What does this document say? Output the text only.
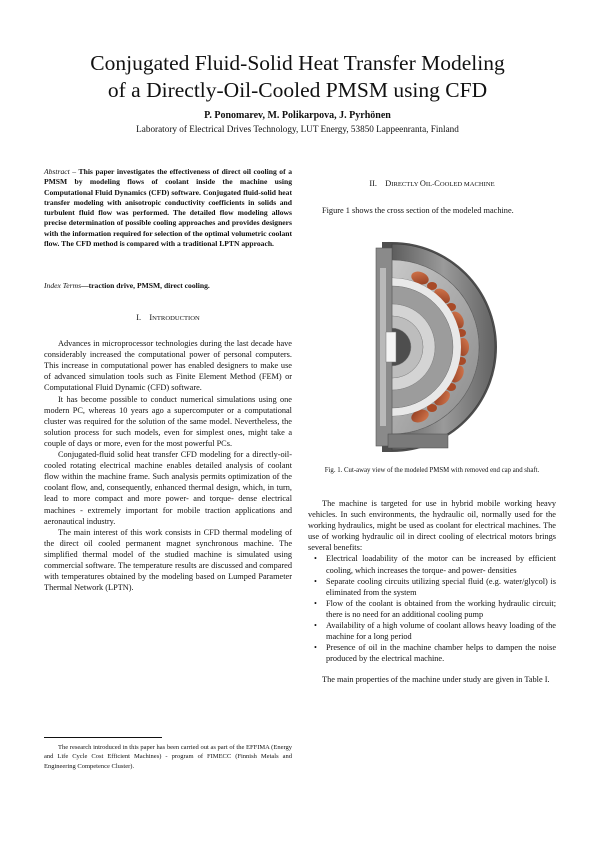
Conjugated Fluid-Solid Heat Transfer Modeling
of a Directly-Oil-Cooled PMSM using CFD
P. Ponomarev, M. Polikarpova, J. Pyrhönen
Laboratory of Electrical Drives Technology, LUT Energy, 53850 Lappeenranta, Finland
Abstract – This paper investigates the effectiveness of direct oil cooling of a PMSM by modeling flows of coolant inside the machine using Computational Fluid Dynamics (CFD) software. Conjugated fluid-solid heat transfer modeling with anisotropic conductivity coefficients in solids and turbulent fluid flow was performed. The detailed flow modeling allows precise determination of possible cooling approaches and provides designers with the information required for selection of the optimal volumetric coolant flow. The CFD method is compared with a traditional LPTN approach.
Index Terms—traction drive, PMSM, direct cooling.
I. INTRODUCTION

Advances in microprocessor technologies during the last decade have considerably increased the computational power of personal computers. This increase in computational power has enabled designers to make use of advanced simulation tools such as Finite Element Method (FEM) or Computational Fluid Dynamic (CFD) software.

It has become possible to conduct numerical simulations using one modern PC, whereas 10 years ago a supercomputer or a computational cluster was required for the solution of the same model. Nevertheless, the solution process for such models, even for simplest ones, might take a couple of days or more, even for the most powerful PCs.

Conjugated-fluid solid heat transfer CFD modeling for a directly-oil-cooled rotating electrical machine enables detailed analysis of coolant flow within the machine frame. Such analysis permits optimization of the coolant flow, and, consequently, enhanced thermal design, which, in turn, lead to more compact and more power- and torque- dense electrical machines - extremely important for mobile traction applications and aeronautical industry.

The main interest of this work consists in CFD thermal modeling of the direct oil cooled permanent magnet synchronous machine. The simplified thermal model of the studied machine is simulated using commercial software. The temperature results are discussed and compared with temperatures obtained by the modeling based on Lumped Parameter Thermal Network (LPTN).

The research introduced in this paper has been carried out as part of the EFFIMA (Energy and Life Cycle Cost Efficient Machines) - program of FIMECC (Finnish Metals and Engineering Competence Cluster).
II. DIRECTLY OIL-COOLED MACHINE

Figure 1 shows the cross section of the modeled machine.

Fig. 1. Cut-away view of the modeled PMSM with removed end cap and shaft.

The machine is targeted for use in hybrid mobile working heavy vehicles. In such environments, the hydraulic oil, normally used for the working hydraulics, might be used as coolant for electrical machines. The use of working hydraulic oil in direct cooling of electrical motors brings several benefits:

• Electrical loadability of the motor can be increased by efficient cooling, which increases the torque- and power- densities
• Separate cooling circuits utilizing special fluid (e.g. water/glycol) is eliminated from the system
• Flow of the coolant is obtained from the working hydraulic circuit; there is no need for an additional cooling pump
• Availability of a high volume of coolant allows heavy loading of the machine for a long period
• Presence of oil in the machine chamber helps to dampen the noise produced by the electrical machine.

The main properties of the machine under study are given in Table I.
